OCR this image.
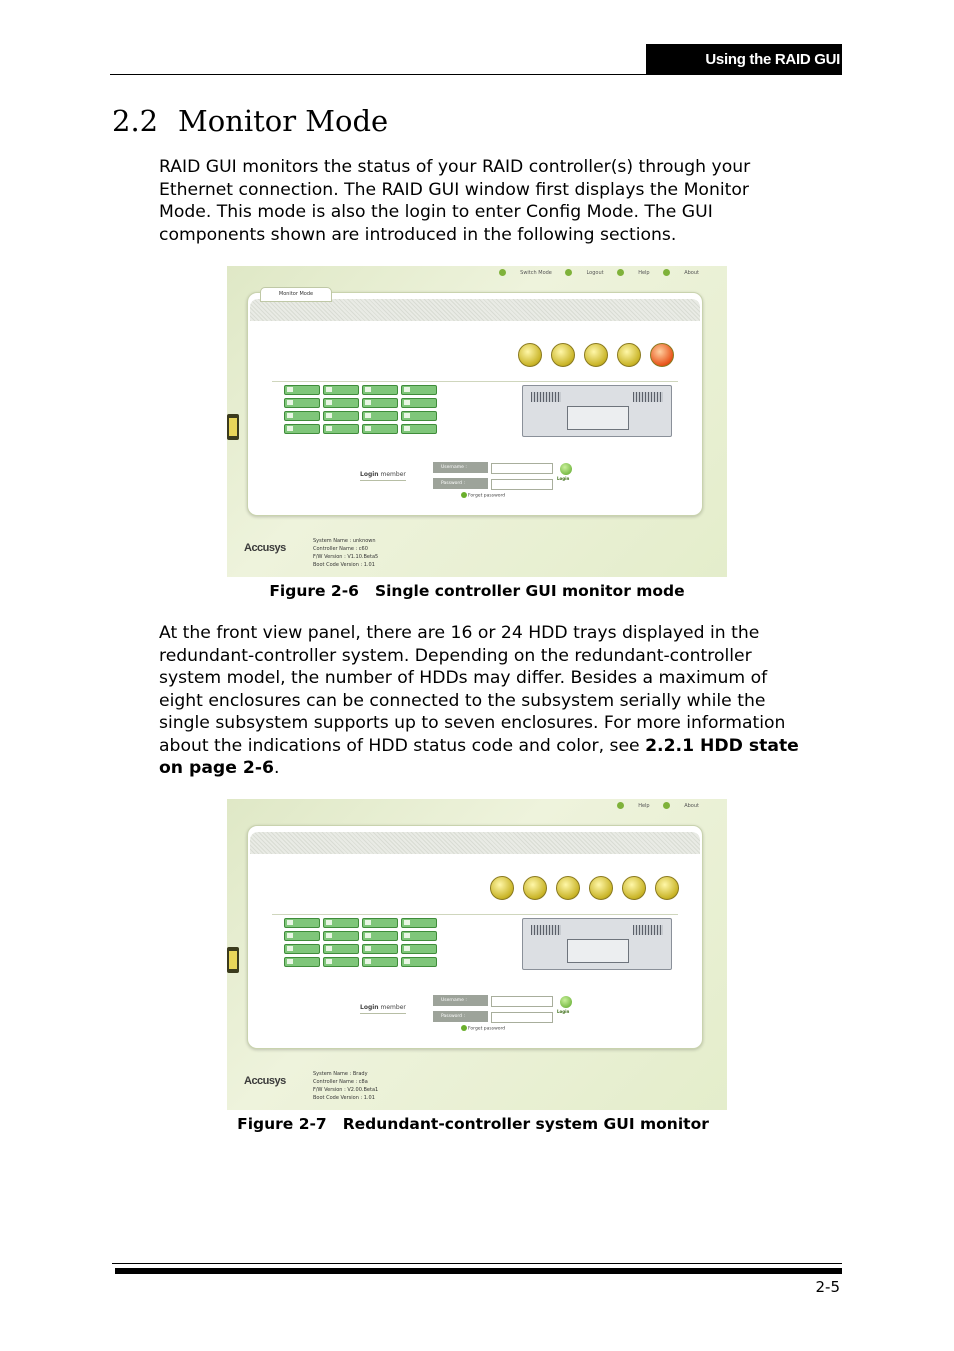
Using the RAID GUI
2.2 Monitor Mode
RAID GUI monitors the status of your RAID controller(s) through your
Ethernet connection. The RAID GUI window first displays the Monitor
Mode. This mode is also the login to enter Config Mode. The GUI
components shown are introduced in the following sections.
Switch Mode	Logout	Help	About
Monitor Mode
Login member
Username :
Password :
Login
Forget password
Accusys
System Name : unknown
Controller Name : c60
F/W Version : V1.10.Beta5
Boot Code Version : 1.01
Figure 2-6 Single controller GUI monitor mode
At the front view panel, there are 16 or 24 HDD trays displayed in the
redundant-controller system. Depending on the redundant-controller
system model, the number of HDDs may differ. Besides a maximum of
eight enclosures can be connected to the subsystem serially while the
single subsystem supports up to seven enclosures. For more information
about the indications of HDD status code and color, see 2.2.1 HDD state
on page 2-6.
Help	About
Login member
Username :
Password :
Login
Forget password
Accusys
System Name : Brady
Controller Name : c8a
F/W Version : V2.00.Beta1
Boot Code Version : 1.01
Figure 2-7 Redundant-controller system GUI monitor
2-5
